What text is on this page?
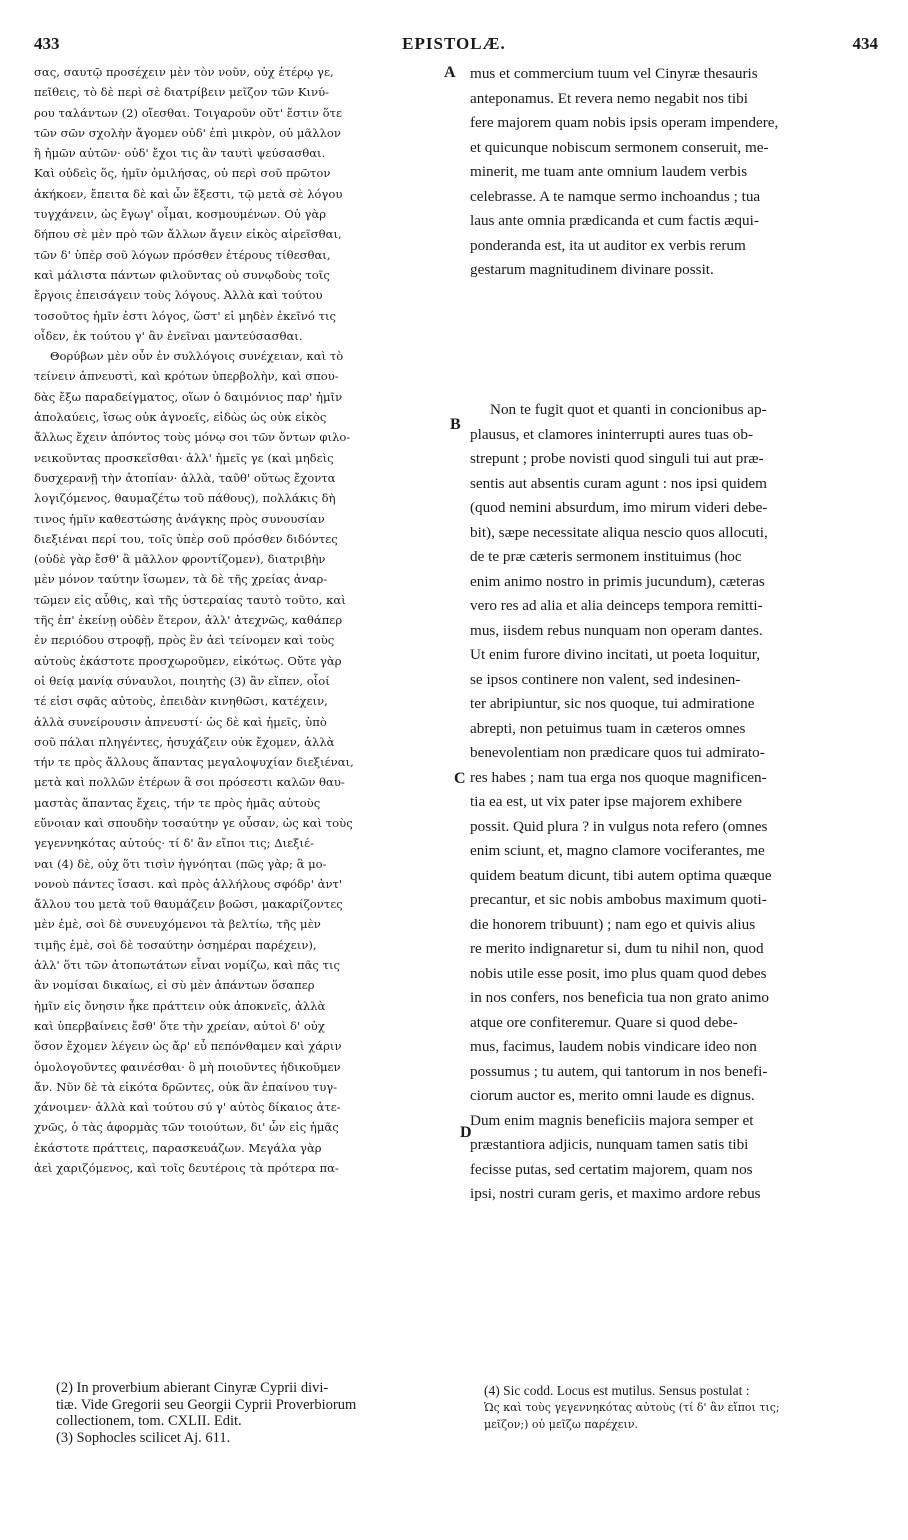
433	EPISTOLÆ.	434
σας, σαυτῷ προσέχειν μὲν τὸν νοῦν, οὐχ ἑτέρῳ γε,
πεῖθεις, τὸ δὲ περὶ σὲ διατρίβειν μεῖζον τῶν Κινύ-
ρου ταλάντων (2) οἴεσθαι. Τοιγαροῦν οὔτ' ἔστιν ὅτε
τῶν σῶν σχολὴν ἄγομεν οὐδ' ἐπὶ μικρὸν, οὐ μᾶλλον
ἢ ἡμῶν αὐτῶν· οὐδ' ἔχοι τις ἂν ταυτὶ ψεύσασθαι.
Καὶ οὐδεὶς ὅς, ἡμῖν ὁμιλήσας, οὐ περὶ σοῦ πρῶτον
ἀκήκοεν, ἔπειτα δὲ καὶ ὧν ἔξεστι, τῷ μετὰ σὲ λόγου
τυγχάνειν, ὡς ἔγωγ' οἶμαι, κοσμουμένων. Οὐ γὰρ
δήπου σὲ μὲν πρὸ τῶν ἄλλων ἄγειν εἰκὸς αἱρεῖσθαι,
τῶν δ' ὑπὲρ σοῦ λόγων πρόσθεν ἑτέρους τίθεσθαι,
καὶ μάλιστα πάντων φιλοῦντας οὐ συνῳδοὺς τοῖς
ἔργοις ἐπεισάγειν τοὺς λόγους. Ἀλλὰ καὶ τούτου
τοσοῦτος ἡμῖν ἐστι λόγος, ὥστ' εἰ μηδὲν ἐκεῖνό τις
οἶδεν, ἐκ τούτου γ' ἂν ἐνεῖναι μαντεύσασθαι.
Θορύβων μὲν οὖν ἐν συλλόγοις συνέχειαν, καὶ τὸ
τείνειν ἀπνευστὶ, καὶ κρότων ὑπερβολὴν, καὶ σπου-
δὰς ἔξω παραδείγματος, οἵων ὁ δαιμόνιος παρ' ἡμῖν
ἀπολαύεις, ἴσως οὐκ ἀγνοεῖς, εἰδὼς ὡς οὐκ εἰκὸς
ἄλλως ἔχειν ἀπόντος τοὺς μόνῳ σοι τῶν ὄντων φιλο-
νεικοῦντας προσκεῖσθαι· ἀλλ' ἡμεῖς γε (καὶ μηδεὶς
δυσχερανῇ τὴν ἀτοπίαν· ἀλλὰ, ταῦθ' οὕτως ἔχοντα
λογιζόμενος, θαυμαζέτω τοῦ πάθους), πολλάκις δὴ
τινος ἡμῖν καθεστώσης ἀνάγκης πρὸς συνουσίαν
διεξιέναι περί του, τοῖς ὑπὲρ σοῦ πρόσθεν διδόντες
(οὐδὲ γὰρ ἔσθ' ἃ μᾶλλον φροντίζομεν), διατριβὴν
μὲν μόνον ταύτην ἴσωμεν, τὰ δὲ τῆς χρείας ἀναρ-
τῶμεν εἰς αὖθις, καὶ τῆς ὑστεραίας ταυτὸ τοῦτο, καὶ
τῆς ἐπ' ἐκείνῃ οὐδὲν ἕτερον, ἀλλ' ἀτεχνῶς, καθάπερ
ἐν περιόδου στροφῇ, πρὸς ἓν ἀεὶ τείνομεν καὶ τοὺς
αὐτοὺς ἑκάστοτε προσχωροῦμεν, εἰκότως. Οὔτε γὰρ
οἱ θείᾳ μανίᾳ σύναυλοι, ποιητὴς (3) ἂν εἴπεν, οἷοί
τέ εἰσι σφᾶς αὐτοὺς, ἐπειδὰν κινηθῶσι, κατέχειν,
ἀλλὰ συνείρουσιν ἀπνευστί· ὡς δὲ καὶ ἡμεῖς, ὑπὸ
σοῦ πάλαι πληγέντες, ἡσυχάζειν οὐκ ἔχομεν, ἀλλὰ
τήν τε πρὸς ἄλλους ἅπαντας μεγαλοψυχίαν διεξιέναι,
μετὰ καὶ πολλῶν ἑτέρων ἃ σοι πρόσεστι καλῶν θαυ-
μαστὰς ἅπαντας ἔχεις, τήν τε πρὸς ἡμᾶς αὐτοὺς
εὔνοιαν καὶ σπουδὴν τοσαύτην γε οὖσαν, ὡς καὶ τοὺς
γεγεννηκότας αὐτούς· τί δ' ἂν εἴποι τις; Διεξιέ-
ναι (4) δὲ, οὐχ ὅτι τισὶν ἠγνόηται (πῶς γὰρ; ἃ μο-
νονοὺ πάντες ἴσασι. καὶ πρὸς ἀλλήλους σφόδρ' ἀντ'
ἄλλου του μετὰ τοῦ θαυμάζειν βοῶσι, μακαρίζοντες
μὲν ἐμὲ, σοὶ δὲ συνευχόμενοι τὰ βελτίω, τῆς μὲν
τιμῆς ἐμὲ, σοὶ δὲ τοσαύτην ὁσημέραι παρέχειν),
ἀλλ' ὅτι τῶν ἀτοπωτάτων εἶναι νομίζω, καὶ πᾶς τις
ἂν νομίσαι δικαίως, εἰ σὺ μὲν ἁπάντων ὅσαπερ
ἡμῖν εἰς ὄνησιν ἧκε πράττειν οὐκ ἀποκνεῖς, ἀλλὰ
καὶ ὑπερβαίνεις ἔσθ' ὅτε τὴν χρείαν, αὐτοὶ δ' οὐχ
ὅσον ἔχομεν λέγειν ὡς ἄρ' εὖ πεπόνθαμεν καὶ χάριν
ὁμολογοῦντες φαινέσθαι· ὃ μὴ ποιοῦντες ἠδικοῦμεν
ἄν. Νῦν δὲ τὰ εἰκότα δρῶντες, οὐκ ἂν ἐπαίνου τυγ-
χάνοιμεν· ἀλλὰ καὶ τούτου σύ γ' αὐτὸς δίκαιος ἀτε-
χνῶς, ὁ τὰς ἀφορμὰς τῶν τοιούτων, δι' ὧν εἰς ἡμᾶς
ἑκάστοτε πράττεις, παρασκευάζων. Μεγάλα γὰρ
ἀεὶ χαριζόμενος, καὶ τοῖς δευτέροις τὰ πρότερα πα-
A
B
C
D
mus et commercium tuum vel Cinyræ thesauris
anteponamus. Et revera nemo negabit nos tibi
fere majorem quam nobis ipsis operam impendere,
et quicunque nobiscum sermonem conseruit, me-
minerit, me tuam ante omnium laudem verbis
celebrasse. A te namque sermo inchoandus ; tua
laus ante omnia prædicanda et cum factis æqui-
ponderanda est, ita ut auditor ex verbis rerum
gestarum magnitudinem divinare possit.
Non te fugit quot et quanti in concionibus ap-
plausus, et clamores ininterrupti aures tuas ob-
strepunt ; probe novisti quod singuli tui aut præ-
sentis aut absentis curam agunt : nos ipsi quidem
(quod nemini absurdum, imo mirum videri debe-
bit), sæpe necessitate aliqua nescio quos allocuti,
de te præ cæteris sermonem instituimus (hoc
enim animo nostro in primis jucundum), cæteras
vero res ad alia et alia deinceps tempora remitti-
mus, iisdem rebus nunquam non operam dantes.
Ut enim furore divino incitati, ut poeta loquitur,
se ipsos continere non valent, sed indesinen-
ter abripiuntur, sic nos quoque, tui admiratione
abrepti, non petuimus tuam in cæteros omnes
benevolentiam non prædicare quos tui admirato-
res habes ; nam tua erga nos quoque magnificen-
tia ea est, ut vix pater ipse majorem exhibere
possit. Quid plura ? in vulgus nota refero (omnes
enim sciunt, et, magno clamore vociferantes, me
quidem beatum dicunt, tibi autem optima quæque
precantur, et sic nobis ambobus maximum quoti-
die honorem tribuunt) ; nam ego et quivis alius
re merito indignaretur si, dum tu nihil non, quod
nobis utile esse posit, imo plus quam quod debes
in nos confers, nos beneficia tua non grato animo
atque ore confiteremur. Quare si quod debe-
mus, facimus, laudem nobis vindicare ideo non
possumus ; tu autem, qui tantorum in nos benefi-
ciorum auctor es, merito omni laude es dignus.
Dum enim magnis beneficiis majora semper et
præstantiora adjicis, nunquam tamen satis tibi
fecisse putas, sed certatim majorem, quam nos
ipsi, nostri curam geris, et maximo ardore rebus
(2) In proverbium abierant Cinyræ Cyprii divi-
tiæ. Vide Gregorii seu Georgii Cyprii Proverbiorum
collectionem, tom. CXLII. Edit.
(3) Sophocles scilicet Aj. 611.
(4) Sic codd. Locus est mutilus. Sensus postulat :
Ὡς καὶ τοὺς γεγεννηκότας αὐτοὺς (τί δ' ἂν εἴποι τις;
μεῖζον;) οὐ μεῖζω παρέχειν.
